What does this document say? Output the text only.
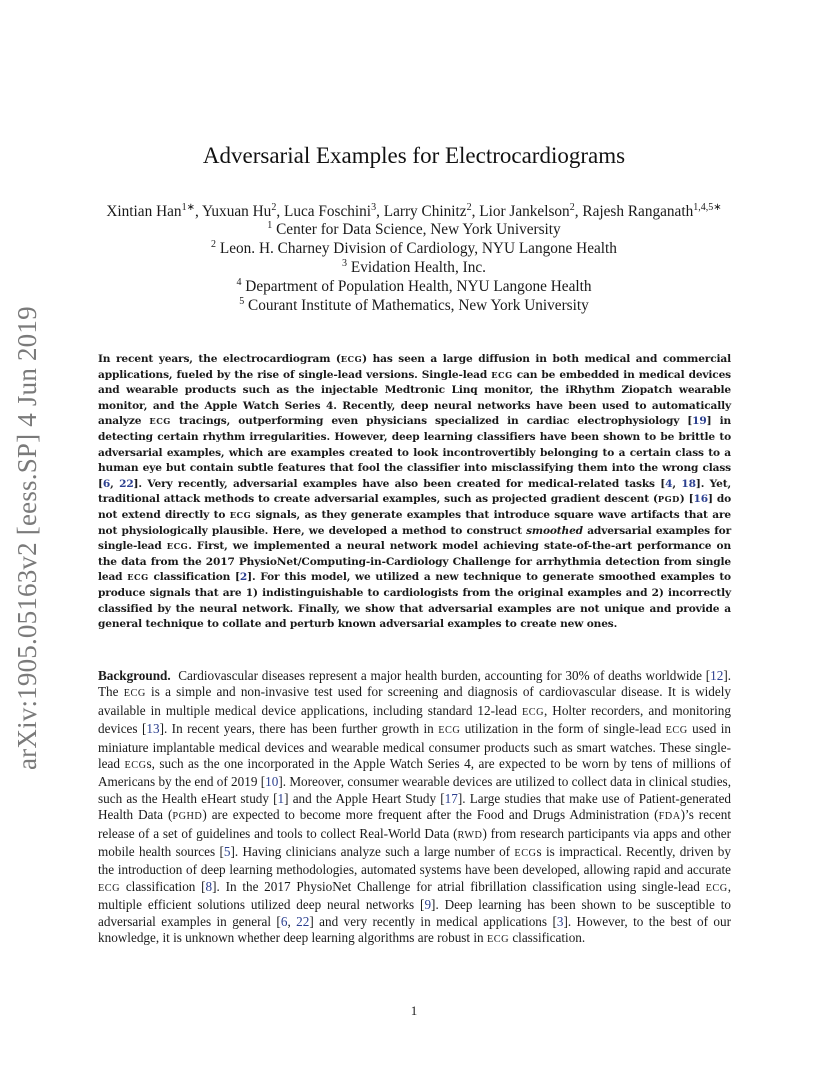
arXiv:1905.05163v2 [eess.SP] 4 Jun 2019
Adversarial Examples for Electrocardiograms
Xintian Han$^{1∗}$, Yuxuan Hu$^2$, Luca Foschini$^3$, Larry Chinitz$^2$, Lior Jankelson$^2$, Rajesh Ranganath$^{1,4,5∗}$
$^1$ Center for Data Science, New York University
$^2$ Leon. H. Charney Division of Cardiology, NYU Langone Health
$^3$ Evidation Health, Inc.
$^4$ Department of Population Health, NYU Langone Health
$^5$ Courant Institute of Mathematics, New York University
In recent years, the electrocardiogram (ECG) has seen a large diffusion in both medical and commercial applications, fueled by the rise of single-lead versions. Single-lead ECG can be embedded in medical devices and wearable products such as the injectable Medtronic Linq monitor, the iRhythm Ziopatch wearable monitor, and the Apple Watch Series 4. Recently, deep neural networks have been used to automatically analyze ECG tracings, outperforming even physicians specialized in cardiac electrophysiology [19] in detecting certain rhythm irregularities. However, deep learning classifiers have been shown to be brittle to adversarial examples, which are examples created to look incontrovertibly belonging to a certain class to a human eye but contain subtle features that fool the classifier into misclassifying them into the wrong class [6, 22]. Very recently, adversarial examples have also been created for medical-related tasks [4, 18]. Yet, traditional attack methods to create adversarial examples, such as projected gradient descent (PGD) [16] do not extend directly to ECG signals, as they generate examples that introduce square wave artifacts that are not physiologically plausible. Here, we developed a method to construct smoothed adversarial examples for single-lead ECG. First, we implemented a neural network model achieving state-of-the-art performance on the data from the 2017 PhysioNet/Computing-in-Cardiology Challenge for arrhythmia detection from single lead ECG classification [2]. For this model, we utilized a new technique to generate smoothed examples to produce signals that are 1) indistinguishable to cardiologists from the original examples and 2) incorrectly classified by the neural network. Finally, we show that adversarial examples are not unique and provide a general technique to collate and perturb known adversarial examples to create new ones.
Background. Cardiovascular diseases represent a major health burden, accounting for 30% of deaths worldwide [12]. The ECG is a simple and non-invasive test used for screening and diagnosis of cardiovascular disease. It is widely available in multiple medical device applications, including standard 12-lead ECG, Holter recorders, and monitoring devices [13]. In recent years, there has been further growth in ECG utilization in the form of single-lead ECG used in miniature implantable medical devices and wearable medical consumer products such as smart watches. These single-lead ECGs, such as the one incorporated in the Apple Watch Series 4, are expected to be worn by tens of millions of Americans by the end of 2019 [10]. Moreover, consumer wearable devices are utilized to collect data in clinical studies, such as the Health eHeart study [1] and the Apple Heart Study [17]. Large studies that make use of Patient-generated Health Data (PGHD) are expected to become more frequent after the Food and Drugs Administration (FDA)’s recent release of a set of guidelines and tools to collect Real-World Data (RWD) from research participants via apps and other mobile health sources [5]. Having clinicians analyze such a large number of ECGs is impractical. Recently, driven by the introduction of deep learning methodologies, automated systems have been developed, allowing rapid and accurate ECG classification [8]. In the 2017 PhysioNet Challenge for atrial fibrillation classification using single-lead ECG, multiple efficient solutions utilized deep neural networks [9]. Deep learning has been shown to be susceptible to adversarial examples in general [6, 22] and very recently in medical applications [3]. However, to the best of our knowledge, it is unknown whether deep learning algorithms are robust in ECG classification.
1
